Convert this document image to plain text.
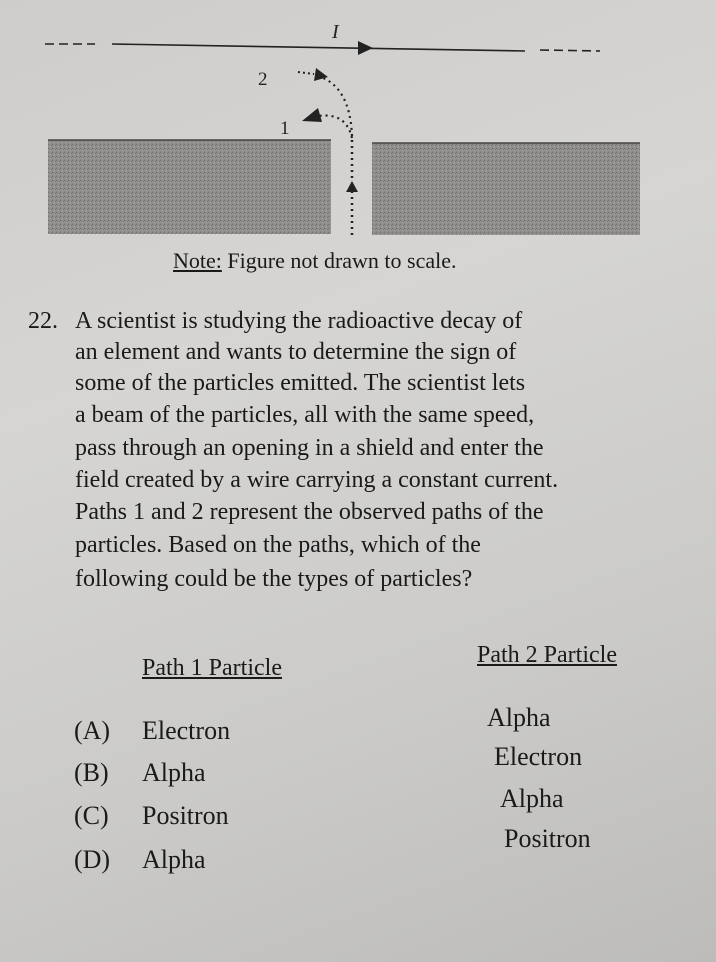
I
1
2
Note: Figure not drawn to scale.
22. A scientist is studying the radioactive decay of
an element and wants to determine the sign of
some of the particles emitted. The scientist lets
a beam of the particles, all with the same speed,
pass through an opening in a shield and enter the
field created by a wire carrying a constant current.
Paths 1 and 2 represent the observed paths of the
particles. Based on the paths, which of the
following could be the types of particles?
Path 1 Particle	Path 2 Particle
(A) Electron	Alpha
(B) Alpha
Electron
(C) Positron
Alpha
(D) Alpha
Positron
